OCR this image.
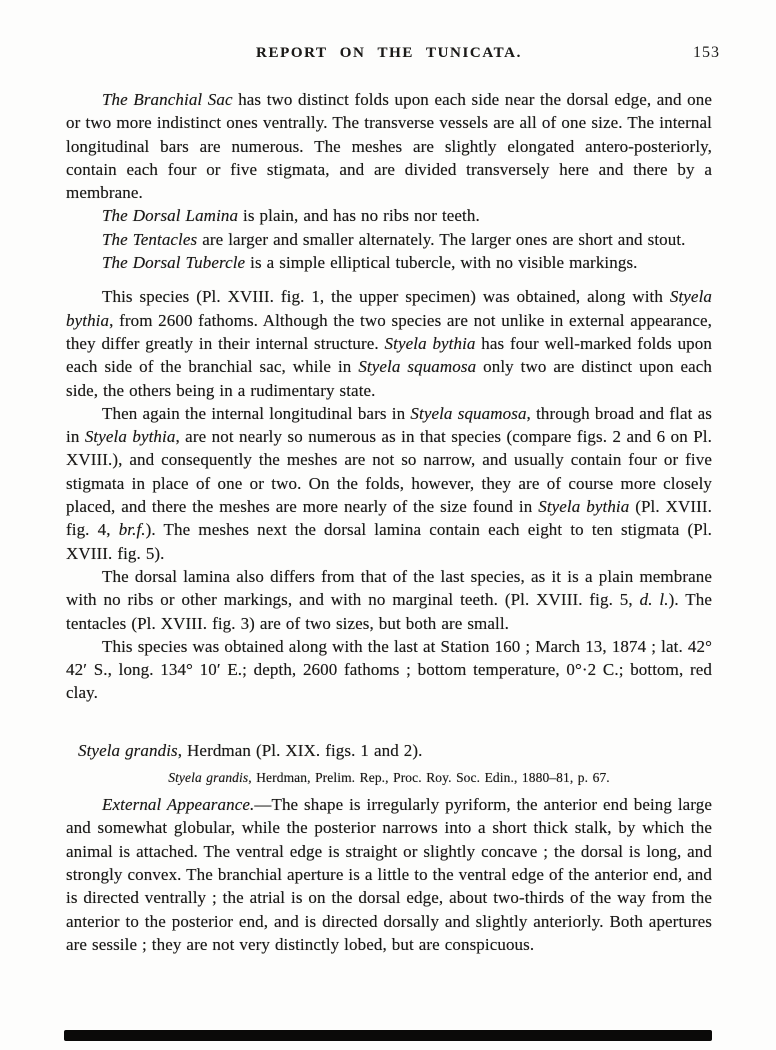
REPORT ON THE TUNICATA.	153

The Branchial Sac has two distinct folds upon each side near the dorsal edge, and one or two more indistinct ones ventrally. The transverse vessels are all of one size. The internal longitudinal bars are numerous. The meshes are slightly elongated antero-posteriorly, contain each four or five stigmata, and are divided transversely here and there by a membrane.

The Dorsal Lamina is plain, and has no ribs nor teeth.

The Tentacles are larger and smaller alternately. The larger ones are short and stout.

The Dorsal Tubercle is a simple elliptical tubercle, with no visible markings.

This species (Pl. XVIII. fig. 1, the upper specimen) was obtained, along with Styela bythia, from 2600 fathoms. Although the two species are not unlike in external appearance, they differ greatly in their internal structure. Styela bythia has four well-marked folds upon each side of the branchial sac, while in Styela squamosa only two are distinct upon each side, the others being in a rudimentary state.

Then again the internal longitudinal bars in Styela squamosa, through broad and flat as in Styela bythia, are not nearly so numerous as in that species (compare figs. 2 and 6 on Pl. XVIII.), and consequently the meshes are not so narrow, and usually contain four or five stigmata in place of one or two. On the folds, however, they are of course more closely placed, and there the meshes are more nearly of the size found in Styela bythia (Pl. XVIII. fig. 4, br.f.). The meshes next the dorsal lamina contain each eight to ten stigmata (Pl. XVIII. fig. 5).

The dorsal lamina also differs from that of the last species, as it is a plain membrane with no ribs or other markings, and with no marginal teeth. (Pl. XVIII. fig. 5, d. l.). The tentacles (Pl. XVIII. fig. 3) are of two sizes, but both are small.

This species was obtained along with the last at Station 160 ; March 13, 1874 ; lat. 42° 42′ S., long. 134° 10′ E.; depth, 2600 fathoms ; bottom temperature, 0°·2 C.; bottom, red clay.

Styela grandis, Herdman (Pl. XIX. figs. 1 and 2).

Styela grandis, Herdman, Prelim. Rep., Proc. Roy. Soc. Edin., 1880–81, p. 67.

External Appearance.—The shape is irregularly pyriform, the anterior end being large and somewhat globular, while the posterior narrows into a short thick stalk, by which the animal is attached. The ventral edge is straight or slightly concave ; the dorsal is long, and strongly convex. The branchial aperture is a little to the ventral edge of the anterior end, and is directed ventrally ; the atrial is on the dorsal edge, about two-thirds of the way from the anterior to the posterior end, and is directed dorsally and slightly anteriorly. Both apertures are sessile ; they are not very distinctly lobed, but are conspicuous.
